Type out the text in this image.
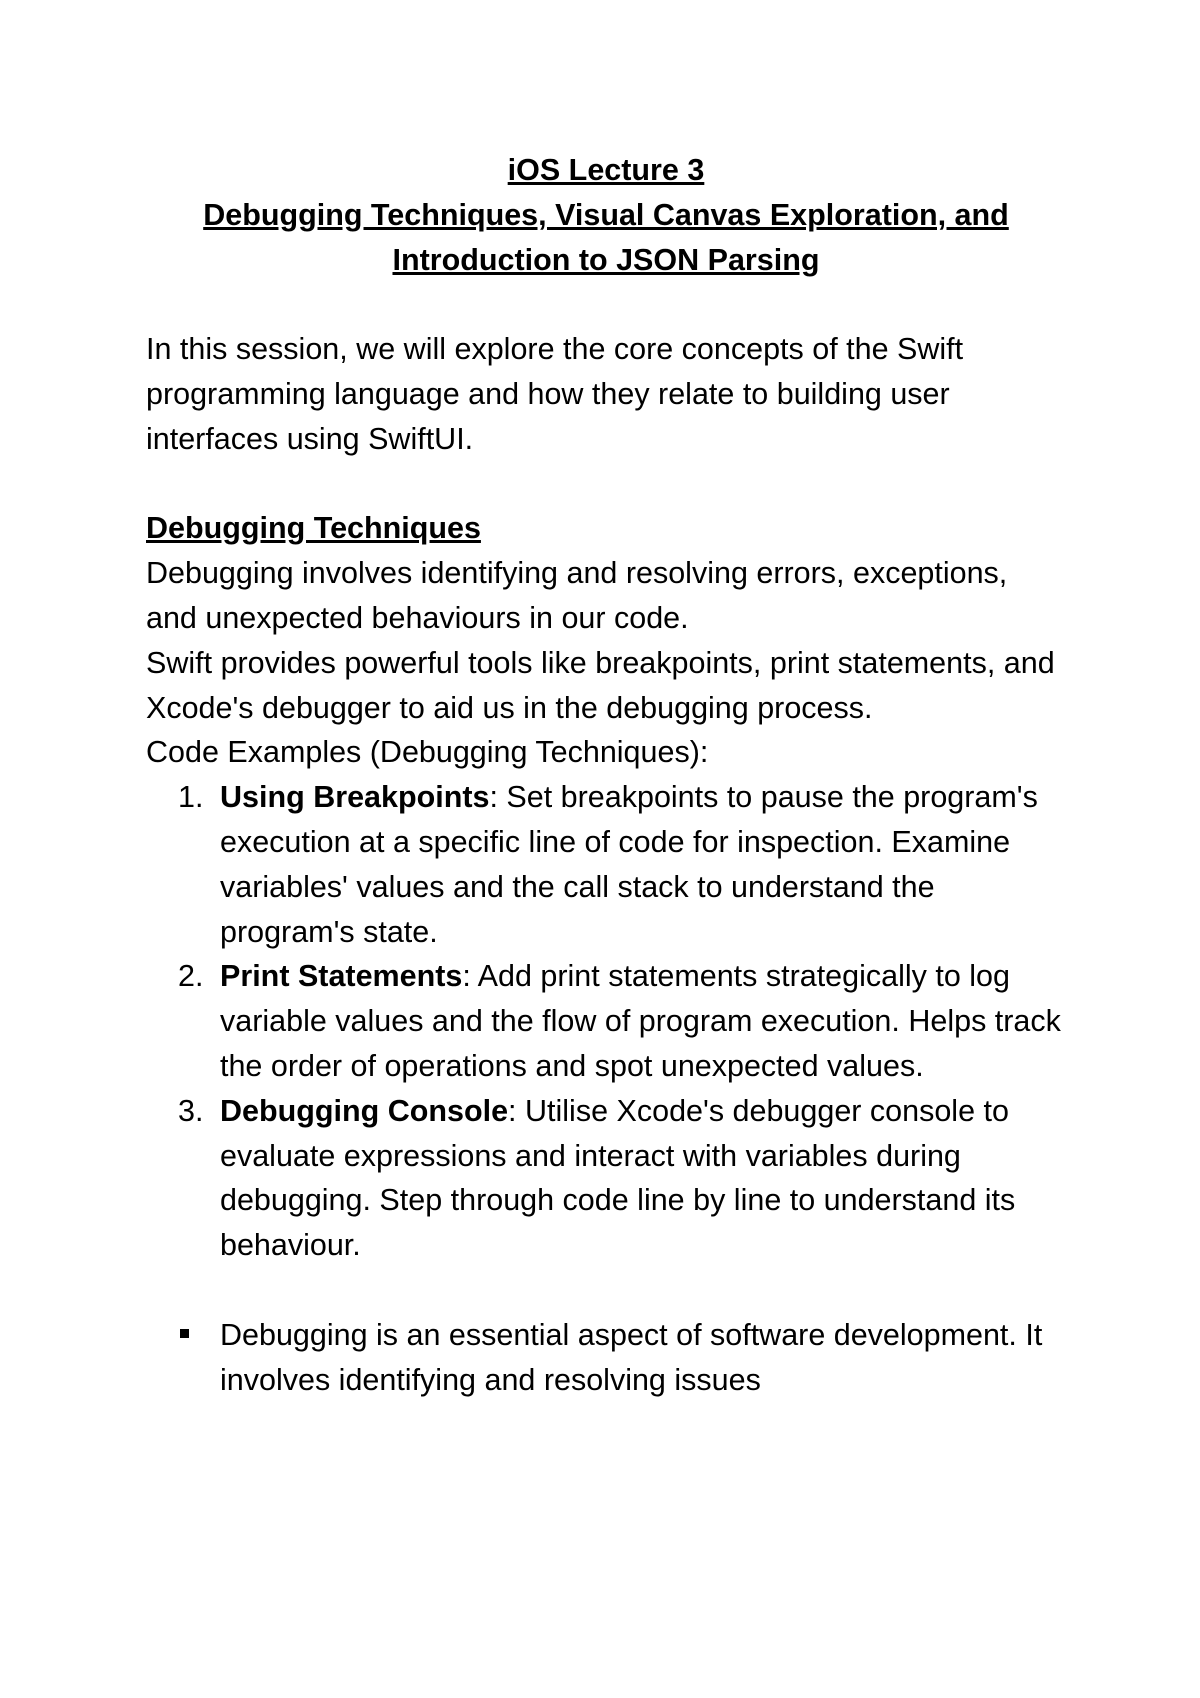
iOS Lecture 3
Debugging Techniques, Visual Canvas Exploration, and
Introduction to JSON Parsing

In this session, we will explore the core concepts of the Swift programming language and how they relate to building user interfaces using SwiftUI.

Debugging Techniques

Debugging involves identifying and resolving errors, exceptions, and unexpected behaviours in our code.

Swift provides powerful tools like breakpoints, print statements, and Xcode's debugger to aid us in the debugging process.

Code Examples (Debugging Techniques):

1. Using Breakpoints: Set breakpoints to pause the program's execution at a specific line of code for inspection. Examine variables' values and the call stack to understand the program's state.
2. Print Statements: Add print statements strategically to log variable values and the flow of program execution. Helps track the order of operations and spot unexpected values.
3. Debugging Console: Utilise Xcode's debugger console to evaluate expressions and interact with variables during debugging. Step through code line by line to understand its behaviour.
Debugging is an essential aspect of software development. It involves identifying and resolving issues
